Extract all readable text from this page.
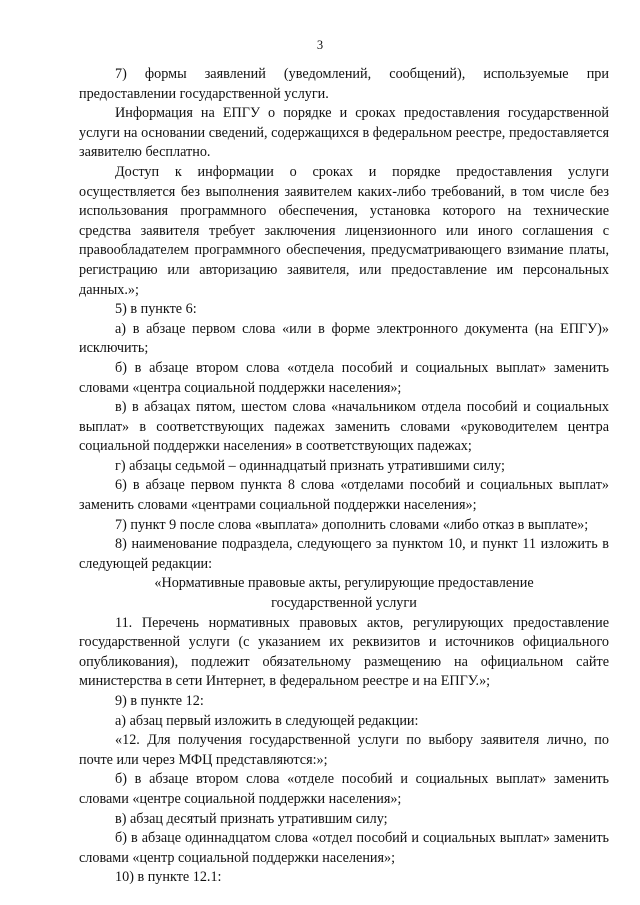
3

7) формы заявлений (уведомлений, сообщений), используемые при предоставлении государственной услуги.

Информация на ЕПГУ о порядке и сроках предоставления государственной услуги на основании сведений, содержащихся в федеральном реестре, предоставляется заявителю бесплатно.

Доступ к информации о сроках и порядке предоставления услуги осуществляется без выполнения заявителем каких-либо требований, в том числе без использования программного обеспечения, установка которого на технические средства заявителя требует заключения лицензионного или иного соглашения с правообладателем программного обеспечения, предусматривающего взимание платы, регистрацию или авторизацию заявителя, или предоставление им персональных данных.»;

5) в пункте 6:

а) в абзаце первом слова «или в форме электронного документа (на ЕПГУ)» исключить;

б) в абзаце втором слова «отдела пособий и социальных выплат» заменить словами «центра социальной поддержки населения»;

в) в абзацах пятом, шестом слова «начальником отдела пособий и социальных выплат» в соответствующих падежах заменить словами «руководителем центра социальной поддержки населения» в соответствующих падежах;

г) абзацы седьмой – одиннадцатый признать утратившими силу;

6) в абзаце первом пункта 8 слова «отделами пособий и социальных выплат» заменить словами «центрами социальной поддержки населения»;

7) пункт 9 после слова «выплата» дополнить словами «либо отказ в выплате»;

8) наименование подраздела, следующего за пунктом 10, и пункт 11 изложить в следующей редакции:

«Нормативные правовые акты, регулирующие предоставление

государственной услуги

11. Перечень нормативных правовых актов, регулирующих предоставление государственной услуги (с указанием их реквизитов и источников официального опубликования), подлежит обязательному размещению на официальном сайте министерства в сети Интернет, в федеральном реестре и на ЕПГУ.»;

9) в пункте 12:

а) абзац первый изложить в следующей редакции:

«12. Для получения государственной услуги по выбору заявителя лично, по почте или через МФЦ представляются:»;

б) в абзаце втором слова «отделе пособий и социальных выплат» заменить словами «центре социальной поддержки населения»;

в) абзац десятый признать утратившим силу;

б) в абзаце одиннадцатом слова «отдел пособий и социальных выплат» заменить словами «центр социальной поддержки населения»;

10) в пункте 12.1:
